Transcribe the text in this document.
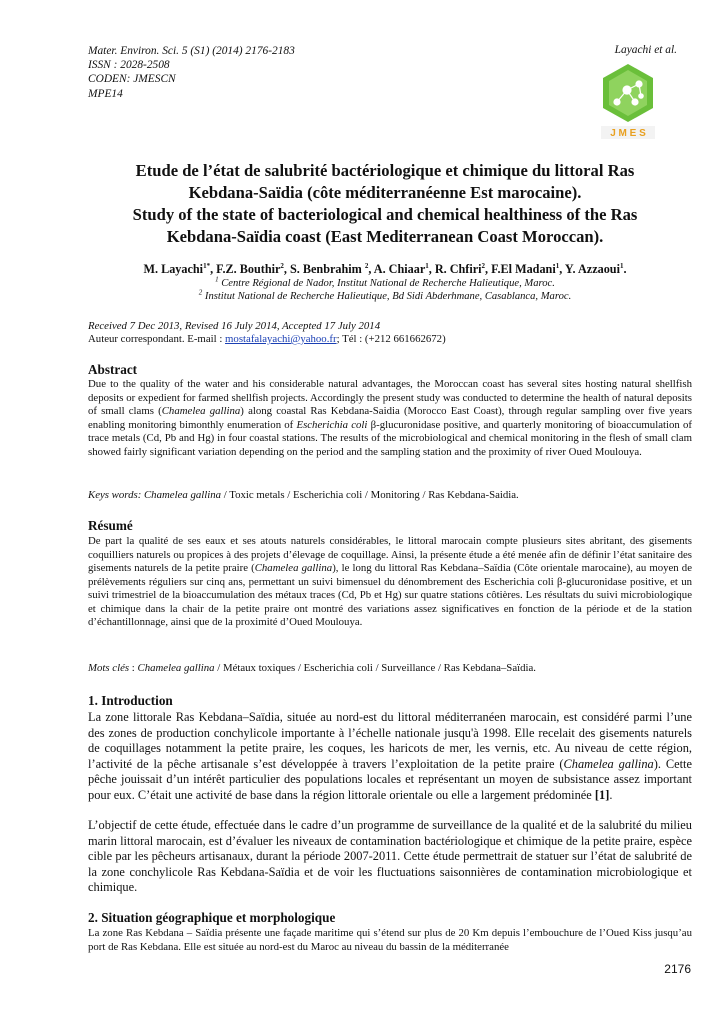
Mater. Environ. Sci. 5 (S1) (2014) 2176-2183
ISSN : 2028-2508
CODEN: JMESCN
MPE14
Layachi et al.
J M E S
Etude de l’état de salubrité bactériologique et chimique du littoral Ras
Kebdana-Saïdia (côte méditerranéenne Est marocaine).
Study of the state of bacteriological and chemical healthiness of the Ras
Kebdana-Saïdia coast (East Mediterranean Coast Moroccan).
M. Layachi$^{1*}$, F.Z. Bouthir$^2$, S. Benbrahim $^2$, A. Chiaar$^1$, R. Chfiri$^2$, F.El Madani$^1$, Y. Azzaoui$^1$.
$^1$ Centre Régional de Nador, Institut National de Recherche Halieutique, Maroc.
$^2$ Institut National de Recherche Halieutique, Bd Sidi Abderhmane, Casablanca, Maroc.
Received 7 Dec 2013, Revised 16 July 2014, Accepted 17 July 2014
Auteur correspondant. E-mail : mostafalayachi@yahoo.fr; Tél : (+212 661662672)
Abstract
Due to the quality of the water and his considerable natural advantages, the Moroccan coast has several sites hosting natural shellfish deposits or expedient for farmed shellfish projects. Accordingly the present study was conducted to determine the health of natural deposits of small clams (Chamelea gallina) along coastal Ras Kebdana-Saidia (Morocco East Coast), through regular sampling over five years enabling monitoring bimonthly enumeration of Escherichia coli β-glucuronidase positive, and quarterly monitoring of bioaccumulation of trace metals (Cd, Pb and Hg) in four coastal stations. The results of the microbiological and chemical monitoring in the flesh of small clam showed fairly significant variation depending on the period and the sampling station and the proximity of river Oued Moulouya.
Keys words: Chamelea gallina / Toxic metals / Escherichia coli / Monitoring / Ras Kebdana-Saidia.
Résumé
De part la qualité de ses eaux et ses atouts naturels considérables, le littoral marocain compte plusieurs sites abritant, des gisements coquilliers naturels ou propices à des projets d’élevage de coquillage. Ainsi, la présente étude a été menée afin de définir l’état sanitaire des gisements naturels de la petite praire (Chamelea gallina), le long du littoral Ras Kebdana–Saïdia (Côte orientale marocaine), au moyen de prélèvements réguliers sur cinq ans, permettant un suivi bimensuel du dénombrement des Escherichia coli β-glucuronidase positive, et un suivi trimestriel de la bioaccumulation des métaux traces (Cd, Pb et Hg) sur quatre stations côtières. Les résultats du suivi microbiologique et chimique dans la chair de la petite praire ont montré des variations assez significatives en fonction de la période et de la station d’échantillonnage, ainsi que de la proximité d’Oued Moulouya.
Mots clés : Chamelea gallina / Métaux toxiques / Escherichia coli / Surveillance / Ras Kebdana–Saïdia.
1. Introduction
La zone littorale Ras Kebdana–Saïdia, située au nord-est du littoral méditerranéen marocain, est considéré parmi l’une des zones de production conchylicole importante à l’échelle nationale jusqu'à 1998. Elle recelait des gisements naturels de coquillages notamment la petite praire, les coques, les haricots de mer, les vernis, etc. Au niveau de cette région, l’activité de la pêche artisanale s’est développée à travers l’exploitation de la petite praire (Chamelea gallina). Cette pêche jouissait d’un intérêt particulier des populations locales et représentant un moyen de subsistance assez important pour eux. C’était une activité de base dans la région littorale orientale ou elle a largement prédominée [1].
L’objectif de cette étude, effectuée dans le cadre d’un programme de surveillance de la qualité et de la salubrité du milieu marin littoral marocain, est d’évaluer les niveaux de contamination bactériologique et chimique de la petite praire, espèce cible par les pêcheurs artisanaux, durant la période 2007-2011. Cette étude permettrait de statuer sur l’état de salubrité de la zone conchylicole Ras Kebdana-Saïdia et de voir les fluctuations saisonnières de contamination microbiologique et chimique.
2. Situation géographique et morphologique
La zone Ras Kebdana – Saïdia présente une façade maritime qui s’étend sur plus de 20 Km depuis l’embouchure de l’Oued Kiss jusqu’au port de Ras Kebdana. Elle est située au nord-est du Maroc au niveau du bassin de la méditerranée
2176
